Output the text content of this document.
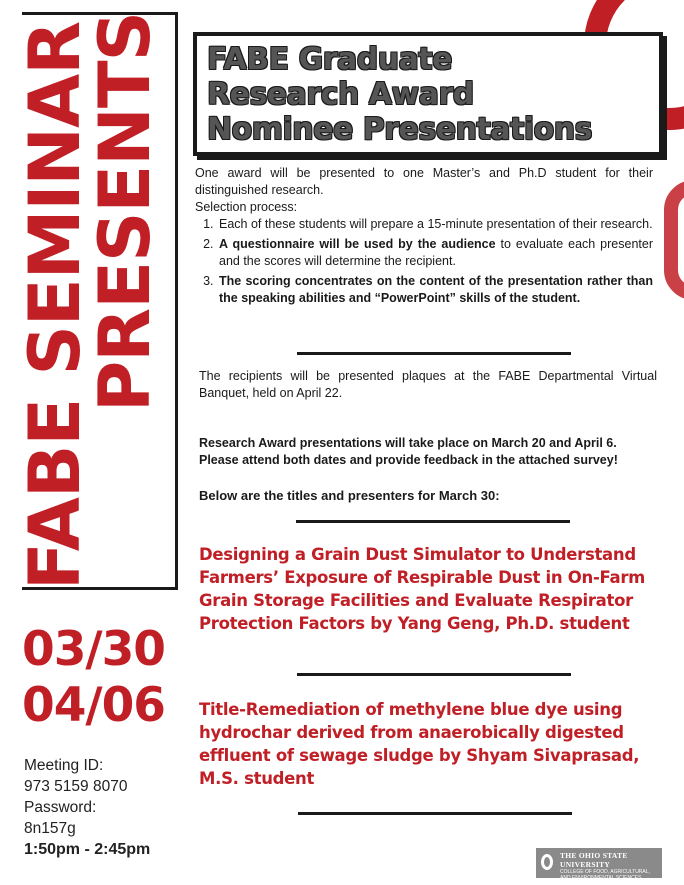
FABE SEMINAR
PRESENTS
03/30
04/06
Meeting ID:
973 5159 8070
Password:
8n157g
1:50pm - 2:45pm
FABE Graduate
Research Award
Nominee Presentations

One award will be presented to one Master’s and Ph.D student for their distinguished research.

Selection process:

1. Each of these students will prepare a 15-minute presentation of their research.
2. A questionnaire will be used by the audience to evaluate each presenter and the scores will determine the recipient.
3. The scoring concentrates on the content of the presentation rather than the speaking abilities and “PowerPoint” skills of the student.
The recipients will be presented plaques at the FABE Departmental Virtual Banquet, held on April 22.
Research Award presentations will take place on March 20 and April 6.
Please attend both dates and provide feedback in the attached survey!
Below are the titles and presenters for March 30:
Designing a Grain Dust Simulator to Understand Farmers’ Exposure of Respirable Dust in On-Farm Grain Storage Facilities and Evaluate Respirator Protection Factors by Yang Geng, Ph.D. student
Title-Remediation of methylene blue dye using hydrochar derived from anaerobically digested effluent of sewage sludge by Shyam Sivaprasad, M.S. student
THE OHIO STATE UNIVERSITY
COLLEGE OF FOOD, AGRICULTURAL,
AND ENVIRONMENTAL SCIENCES
